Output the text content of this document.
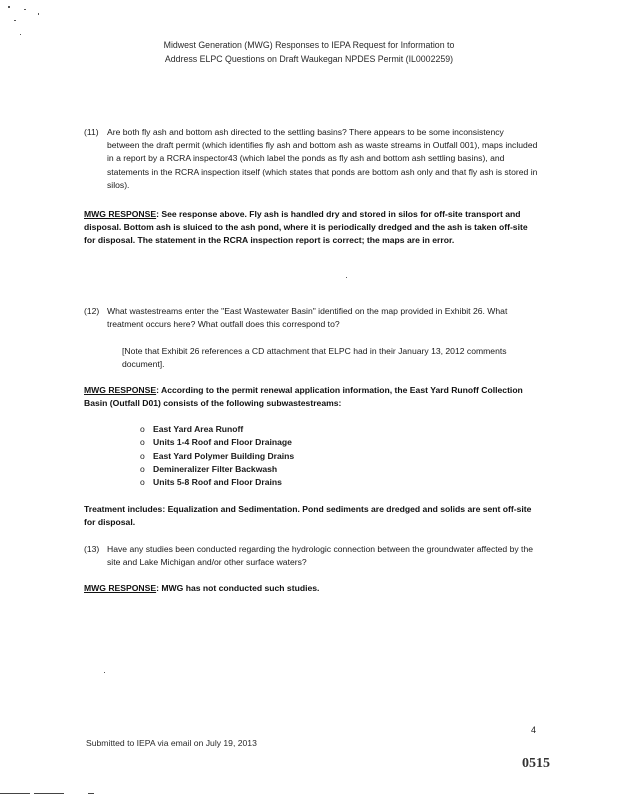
Midwest Generation (MWG) Responses to IEPA Request for Information to
Address ELPC Questions on Draft Waukegan NPDES Permit (IL0002259)
(11) Are both fly ash and bottom ash directed to the settling basins? There appears to be some inconsistency between the draft permit (which identifies fly ash and bottom ash as waste streams in Outfall 001), maps included in a report by a RCRA inspector43 (which label the ponds as fly ash and bottom ash settling basins), and statements in the RCRA inspection itself (which states that ponds are bottom ash only and that fly ash is stored in silos).
MWG RESPONSE: See response above. Fly ash is handled dry and stored in silos for off-site transport and disposal. Bottom ash is sluiced to the ash pond, where it is periodically dredged and the ash is taken off-site for disposal. The statement in the RCRA inspection report is correct; the maps are in error.
(12) What wastestreams enter the "East Wastewater Basin" identified on the map provided in Exhibit 26. What treatment occurs here? What outfall does this correspond to?
[Note that Exhibit 26 references a CD attachment that ELPC had in their January 13, 2012 comments document].
MWG RESPONSE: According to the permit renewal application information, the East Yard Runoff Collection Basin (Outfall D01) consists of the following subwastestreams:
o East Yard Area Runoff
o Units 1-4 Roof and Floor Drainage
o East Yard Polymer Building Drains
o Demineralizer Filter Backwash
o Units 5-8 Roof and Floor Drains
Treatment includes: Equalization and Sedimentation. Pond sediments are dredged and solids are sent off-site for disposal.
(13) Have any studies been conducted regarding the hydrologic connection between the groundwater affected by the site and Lake Michigan and/or other surface waters?
MWG RESPONSE: MWG has not conducted such studies.
4
Submitted to IEPA via email on July 19, 2013
0515
